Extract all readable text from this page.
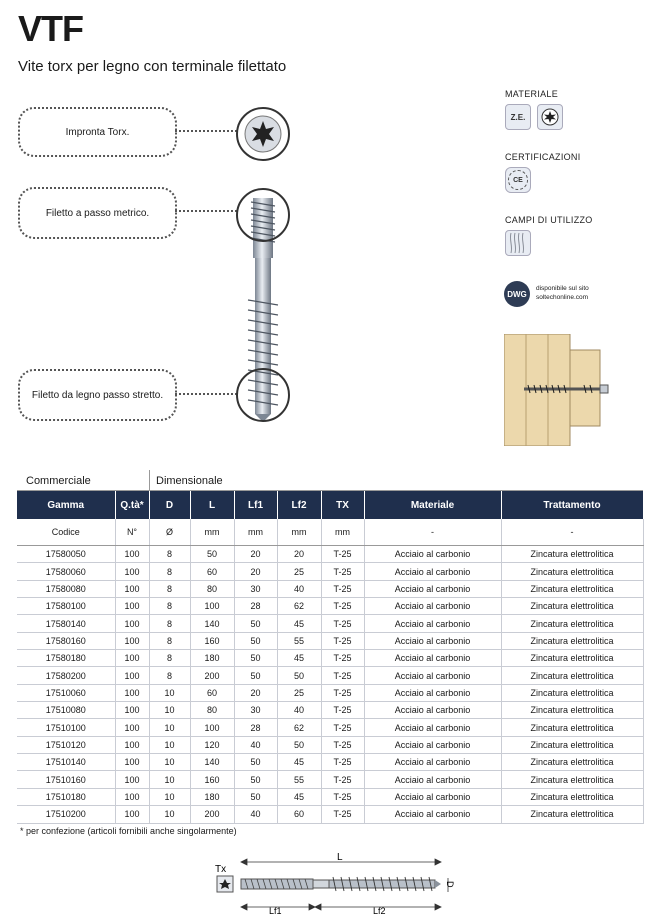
VTF
Vite torx per legno con terminale filettato
Impronta Torx.
Filetto a passo metrico.
Filetto da legno passo stretto.
MATERIALE
Z.E.
CERTIFICAZIONI
CE
CAMPI DI UTILIZZO
DWG
disponibile sul sito
soltechonline.com
Commerciale	Dimensionale
Gamma	Q.tà*	D	L	Lf1	Lf2	TX	Materiale	Trattamento
Codice	N°	Ø	mm	mm	mm	mm	-	-
17580050	100	8	50	20	20	T-25	Acciaio al carbonio	Zincatura elettrolitica
17580060	100	8	60	20	25	T-25	Acciaio al carbonio	Zincatura elettrolitica
17580080	100	8	80	30	40	T-25	Acciaio al carbonio	Zincatura elettrolitica
17580100	100	8	100	28	62	T-25	Acciaio al carbonio	Zincatura elettrolitica
17580140	100	8	140	50	45	T-25	Acciaio al carbonio	Zincatura elettrolitica
17580160	100	8	160	50	55	T-25	Acciaio al carbonio	Zincatura elettrolitica
17580180	100	8	180	50	45	T-25	Acciaio al carbonio	Zincatura elettrolitica
17580200	100	8	200	50	50	T-25	Acciaio al carbonio	Zincatura elettrolitica
17510060	100	10	60	20	25	T-25	Acciaio al carbonio	Zincatura elettrolitica
17510080	100	10	80	30	40	T-25	Acciaio al carbonio	Zincatura elettrolitica
17510100	100	10	100	28	62	T-25	Acciaio al carbonio	Zincatura elettrolitica
17510120	100	10	120	40	50	T-25	Acciaio al carbonio	Zincatura elettrolitica
17510140	100	10	140	50	45	T-25	Acciaio al carbonio	Zincatura elettrolitica
17510160	100	10	160	50	55	T-25	Acciaio al carbonio	Zincatura elettrolitica
17510180	100	10	180	50	45	T-25	Acciaio al carbonio	Zincatura elettrolitica
17510200	100	10	200	40	60	T-25	Acciaio al carbonio	Zincatura elettrolitica
* per confezione (articoli fornibili anche singolarmente)
Tx
L
D
Lf1	Lf2
